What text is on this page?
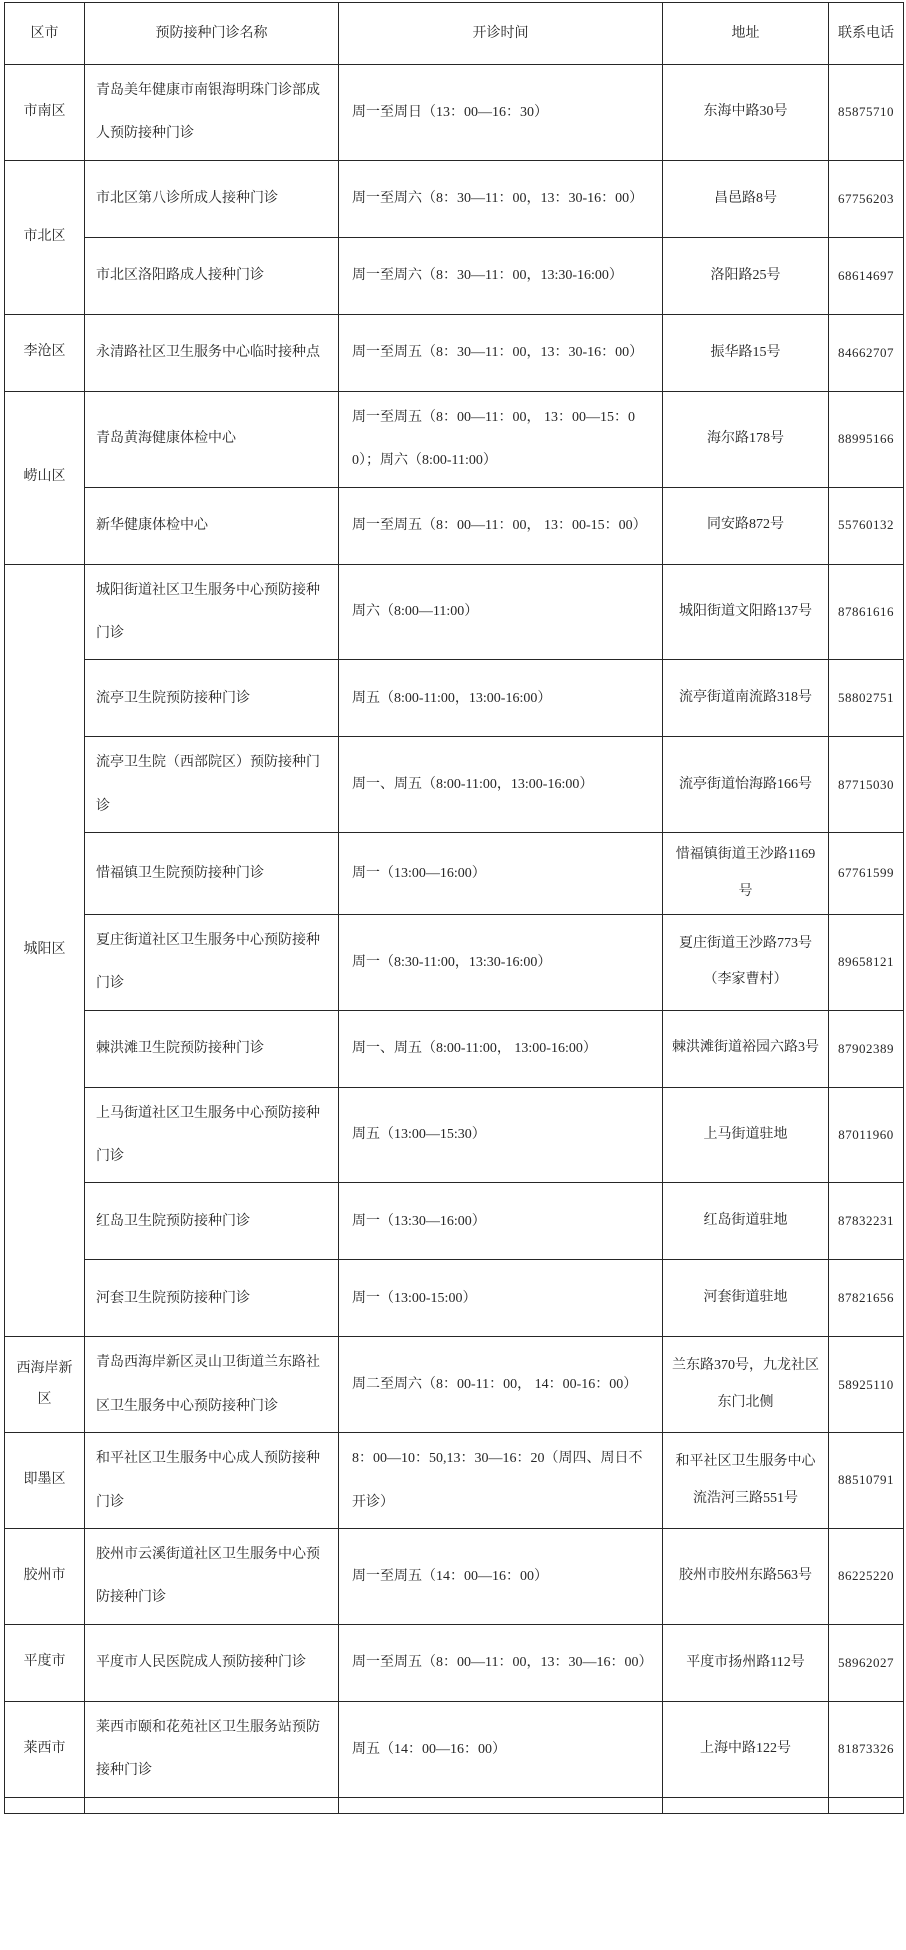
区市	预防接种门诊名称	开诊时间	地址	联系电话
市南区	青岛美年健康市南银海明珠门诊部成人预防接种门诊	周一至周日（13：00—16：30）	东海中路30号	85875710
市北区	市北区第八诊所成人接种门诊	周一至周六（8：30—11：00，13：30-16：00）	昌邑路8号	67756203
	市北区洛阳路成人接种门诊	周一至周六（8：30—11：00，13:30-16:00）	洛阳路25号	68614697
李沧区	永清路社区卫生服务中心临时接种点	周一至周五（8：30—11：00，13：30-16：00）	振华路15号	84662707
崂山区	青岛黄海健康体检中心	周一至周五（8：00—11：00， 13：00—15：00）；周六（8:00-11:00）	海尔路178号	88995166
	新华健康体检中心	周一至周五（8：00—11：00， 13：00-15：00）	同安路872号	55760132
城阳区	城阳街道社区卫生服务中心预防接种门诊	周六（8:00—11:00）	城阳街道文阳路137号	87861616
	流亭卫生院预防接种门诊	周五（8:00-11:00，13:00-16:00）	流亭街道南流路318号	58802751
	流亭卫生院（西部院区）预防接种门诊	周一、周五（8:00-11:00，13:00-16:00）	流亭街道怡海路166号	87715030
	惜福镇卫生院预防接种门诊	周一（13:00—16:00）	惜福镇街道王沙路1169号	67761599
	夏庄街道社区卫生服务中心预防接种门诊	周一（8:30-11:00，13:30-16:00）	夏庄街道王沙路773号（李家曹村）	89658121
	棘洪滩卫生院预防接种门诊	周一、周五（8:00-11:00， 13:00-16:00）	棘洪滩街道裕园六路3号	87902389
	上马街道社区卫生服务中心预防接种门诊	周五（13:00—15:30）	上马街道驻地	87011960
	红岛卫生院预防接种门诊	周一（13:30—16:00）	红岛街道驻地	87832231
	河套卫生院预防接种门诊	周一（13:00-15:00）	河套街道驻地	87821656
西海岸新区	青岛西海岸新区灵山卫街道兰东路社区卫生服务中心预防接种门诊	周二至周六（8：00-11：00， 14：00-16：00）	兰东路370号，九龙社区东门北侧	58925110
即墨区	和平社区卫生服务中心成人预防接种门诊	8：00—10：50,13：30—16：20（周四、周日不开诊）	和平社区卫生服务中心流浩河三路551号	88510791
胶州市	胶州市云溪街道社区卫生服务中心预防接种门诊	周一至周五（14：00—16：00）	胶州市胶州东路563号	86225220
平度市	平度市人民医院成人预防接种门诊	周一至周五（8：00—11：00，13：30—16：00）	平度市扬州路112号	58962027
莱西市	莱西市颐和花苑社区卫生服务站预防接种门诊	周五（14：00—16：00）	上海中路122号	81873326
